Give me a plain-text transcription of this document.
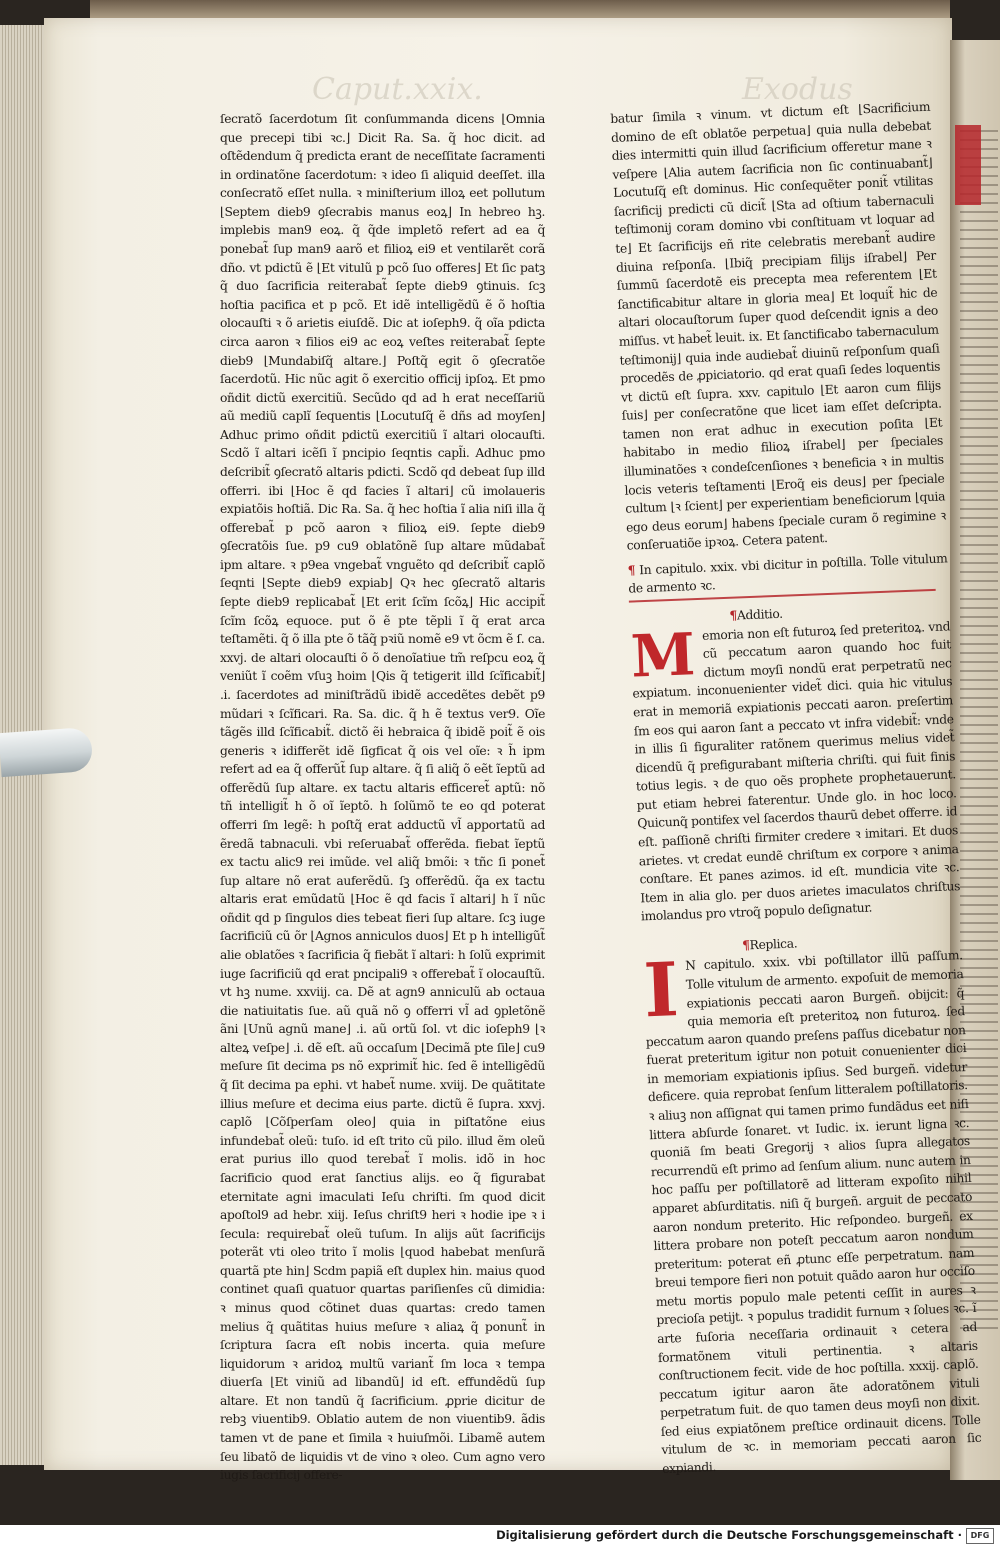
Caput.xxix.	Exodus

ſecratõ ſacerdotum ſit conſummanda dicens ⌊Omnia que precepi tibi ꝛc.⌋ Dicit Ra. Sa. q̃ hoc dicit. ad oſtẽdendum q̃ predicta erant de neceſſitate ſacramenti in ordinatõne ſacerdotum: ꝛ ideo ſi aliquid deeſſet. illa conſecratõ eſſet nulla. ꝛ miniſterium illoꝝ eet pollutum ⌊Septem dieb9 ꝯſecrabis manus eoꝝ⌋ In hebreo hꝫ. implebis man9 eoꝝ. q̃ q̃de impletõ refert ad ea q̃ ponebat̃ ſup man9 aarõ et filioꝝ ei9 et ventilarẽt corã dño. vt pdictũ ẽ ⌊Et vitulũ p pcõ ſuo offeres⌋ Et ſic patꝫ q̃ duo ſacrificia reiterabat̃ ſepte dieb9 ꝯtinuis. ſcꝫ hoſtia pacifica et p pcõ. Et idẽ intelligẽdũ ẽ õ hoſtia olocauſti ꝛ õ arietis eiuſdẽ. Dic at ioſeph9. q̃ oĩa pdicta circa aaron ꝛ filios ei9 ac eoꝝ veſtes reiterabat̃ ſepte dieb9 ⌊Mundabiſq̃ altare.⌋ Poſtq̃ egit õ ꝯſecratõe ſacerdotũ. Hic nũc agit õ exercitio officij ipſoꝝ. Et pmo oñdit dictũ exercitiũ. Secũdo qd ad h erat neceſſariũ aũ mediũ caplĩ ſequentis ⌊Locutuſq̃ ẽ dñs ad moyſen⌋ Adhuc primo oñdit pdictũ exercitiũ ĩ altari olocauſti. Scdõ ĩ altari icẽſi ĩ pncipio ſeqntis capl̃i. Adhuc pmo deſcribit̃ ꝯſecratõ altaris pdicti. Scdõ qd debeat ſup illd offerri. ibi ⌊Hoc ẽ qd facies ĩ altari⌋ cũ imolaueris expiatõis hoſtiã. Dic Ra. Sa. q̃ hec hoſtia ĩ alia niſi illa q̃ offerebat̃ p pcõ aaron ꝛ filioꝝ ei9. ſepte dieb9 ꝯſecratõis ſue. p9 cu9 oblatõnẽ ſup altare mũdabat̃ ipm altare. ꝛ p9ea vngebat̃ vnguẽto qd deſcribit̃ caplõ ſeqnti ⌊Septe dieb9 expiab⌋ Qꝛ hec ꝯſecratõ altaris ſepte dieb9 replicabat̃ ⌊Et erit ſcĩm ſcõꝝ⌋ Hic accipit̃ ſcĩm ſcõꝝ equoce. put õ ẽ pte tẽpli ĩ q̃ erat arca teſtamẽti. q̃ õ illa pte õ tãq̃ pꝛiũ nomẽ e9 vt õcm ẽ ſ. ca. xxvj. de altari olocauſti õ õ denoĩatiue tm̃ reſpcu eoꝝ q̃ veniũt ĩ coẽm vſuꝫ hoim ⌊Qis q̃ tetigerit illd ſcĩficabit̃⌋ .i. ſacerdotes ad miniſtrãdũ ibidẽ accedẽtes debẽt p9 mũdari ꝛ ſcĩficari. Ra. Sa. dic. q̃ h ẽ textus ver9. Oĩe tãgẽs illd ſcĩficabit̃. dictõ ẽi hebraica q̃ ibidẽ poit̃ ẽ ois generis ꝛ idifferẽt idẽ ſigficat q̃ ois vel oĩe: ꝛ h̃ ipm refert ad ea q̃ offerũt̃ ſup altare. q̃ ſi aliq̃ õ eẽt ĩeptũ ad offerẽdũ ſup altare. ex tactu altaris efficeret̃ aptũ: nõ tñ intelligit̃ h õ oĩ ĩeptõ. h ſolũmõ te eo qd poterat offerri ſm legẽ: h poſtq̃ erat adductũ vl̃ apportatũ ad ẽredã tabnaculi. vbi reſeruabat̃ offerẽda. fiebat ĩeptũ ex tactu alic9 rei imũde. vel aliq̃ bmõi: ꝛ tñc ſi ponet̃ ſup altare nõ erat auferẽdũ. ſꝫ offerẽdũ. q̃a ex tactu altaris erat emũdatũ ⌊Hoc ẽ qd facis ĩ altari⌋ h ĩ nũc oñdit qd p ſingulos dies tebeat fieri ſup altare. ſcꝫ iuge ſacrificiũ cũ õr ⌊Agnos anniculos duos⌋ Et p h intelligũt̃ alie oblatões ꝛ ſacrificia q̃ fiebãt ĩ altari: h ſolũ exprimit iuge ſacrificiũ qd erat pncipali9 ꝛ offerebat̃ ĩ olocauſtũ. vt hꝫ nume. xxviij. ca. Dẽ at agn9 anniculũ ab octaua die natiuitatis ſue. aũ quã nõ ꝯ offerri vl̃ ad ꝯpletõnẽ ãni ⌊Unũ agnũ mane⌋ .i. aũ ortũ ſol. vt dic ioſeph9 ⌊ꝛ alteꝝ veſpe⌋ .i. dẽ eſt. aũ occaſum ⌊Decimã pte ſile⌋ cu9 meſure ſit decima ps nõ exprimit̃ hic. ſed ẽ intelligẽdũ q̃ ſit decima pa ephi. vt habet̃ nume. xviij. De quãtitate illius meſure et decima eius parte. dictũ ẽ ſupra. xxvj. caplõ ⌊Cõſperſam oleo⌋ quia in piſtatõne eius infundebat̃ oleũ: tuſo. id eſt trito cũ pilo. illud ẽm oleũ erat purius illo quod terebat̃ ĩ molis. idõ in hoc ſacrificio quod erat ſanctius alijs. eo q̃ figurabat eternitate agni imaculati Ieſu chriſti. ſm quod dicit apoſtol9 ad hebr. xiij. Ieſus chriſt9 heri ꝛ hodie ipe ꝛ i ſecula: requirebat̃ oleũ tuſum. In alijs aũt ſacrificijs poterãt vti oleo trito ĩ molis ⌊quod habebat menſurã quartã pte hin⌋ Scdm papiã eſt duplex hin. maius quod continet quaſi quatuor quartas pariſienſes cũ dimidia: ꝛ minus quod cõtinet duas quartas: credo tamen melius q̃ quãtitas huius meſure ꝛ aliaꝝ q̃ ponunt̃ in ſcriptura ſacra eſt nobis incerta. quia meſure liquidorum ꝛ aridoꝝ multũ variant̃ ſm loca ꝛ tempa diuerſa ⌊Et viniũ ad libandũ⌋ id eſt. effundẽdũ ſup altare. Et non tandũ q̃ ſacrificium. ꝓprie dicitur de rebꝫ viuentib9. Oblatio autem de non viuentib9. ãdis tamen vt de pane et ſimila ꝛ huiuſmõi. Libamẽ autem ſeu libatõ de liquidis vt de vino ꝛ oleo. Cum agno vero iugis ſacrificij offere-

batur ſimila ꝛ vinum. vt dictum eſt ⌊Sacrificium domino de eſt oblatõe perpetua⌋ quia nulla debebat dies intermitti quin illud ſacrificium offeretur mane ꝛ veſpere ⌊Alia autem ſacrificia non ſic continuabant̃⌋ Locutuſq̃ eſt dominus. Hic conſequẽter ponit̃ vtilitas ſacrificij predicti cũ dicit̃ ⌊Sta ad oſtium tabernaculi teſtimonij coram domino vbi conſtituam vt loquar ad te⌋ Et ſacrificijs eñ rite celebratis merebant̃ audire diuina reſponſa. ⌊Ibiq̃ precipiam filijs iſrabel⌋ Per ſummũ ſacerdotẽ eis precepta mea referentem ⌊Et ſanctificabitur altare in gloria mea⌋ Et loquit̃ hic de altari olocauſtorum ſuper quod deſcendit ignis a deo miſſus. vt habet̃ leuit. ix. Et ſanctificabo tabernaculum teſtimonij⌋ quia inde audiebat̃ diuinũ reſponſum quaſi procedẽs de ꝓpiciatorio. qd erat quaſi ſedes loquentis vt dictũ eſt ſupra. xxv. capitulo ⌊Et aaron cum filijs ſuis⌋ per conſecratõne que licet iam eſſet deſcripta. tamen non erat adhuc in execution poſita ⌊Et habitabo in medio filioꝝ iſrabel⌋ per ſpeciales illuminatões ꝛ condeſcenſiones ꝛ beneficia ꝛ in multis locis veteris teſtamenti ⌊Eroq̃ eis deus⌋ per ſpeciale cultum ⌊ꝛ ſcient⌋ per experientiam beneficiorum ⌊quia ego deus eorum⌋ habens ſpeciale curam õ regimine ꝛ conſeruatiõe ipꝛoꝝ. Cetera patent.

¶ In capitulo. xxix. vbi dicitur in poſtilla. Tolle vitulum de armento ꝛc.

¶Additio.

Memoria non eſt futuroꝝ ſed preteritoꝝ. vnd cũ peccatum aaron quando hoc fuit dictum moyſi nondũ erat perpetratũ nec expiatum. inconuenienter videt̃ dici. quia hic vitulus erat in memoriã expiationis peccati aaron. preſertim ſm eos qui aaron ſant a peccato vt infra videbit̃: vnde in illis ſi figuraliter ratõnem querimus melius videt̃ dicendũ q̃ prefigurabant miſteria chriſti. qui fuit finis totius legis. ꝛ de quo oẽs prophete prophetauerunt. put etiam hebrei faterentur. Unde glo. in hoc loco. Quicunq̃ pontifex vel ſacerdos thaurũ debet offerre. id eſt. paſſionẽ chriſti firmiter credere ꝛ imitari. Et duos arietes. vt credat eundẽ chriſtum ex corpore ꝛ anima conſtare. Et panes azimos. id eſt. mundicia vite ꝛc. Item in alia glo. per duos arietes imaculatos chriſtus imolandus pro vtroq̃ populo deſignatur.

¶Replica.

I N capitulo. xxix. vbi poſtillator illũ paſſum. Tolle vitulum de armento. expoſuit de memoria expiationis peccati aaron Burgeñ. obijcit: q̃ quia memoria eſt preteritoꝝ non futuroꝝ. ſed peccatum aaron quando preſens paſſus dicebatur non fuerat preteritum igitur non potuit conuenienter dici in memoriam expiationis ipſius. Sed burgeñ. videtur deficere. quia reprobat ſenſum litteralem poſtillatoris. ꝛ aliuꝫ non aſſignat qui tamen primo fundãdus eet niſi littera abſurde ſonaret. vt Iudic. ix. ierunt ligna ꝛc. quoniã ſm beati Gregorij ꝛ alios ſupra allegatos recurrendũ eſt primo ad ſenſum alium. nunc autem in hoc paſſu per poſtillatorẽ ad litteram expoſito nihil apparet abſurditatis. niſi q̃ burgeñ. arguit de peccato aaron nondum preterito. Hic reſpondeo. burgeñ. ex littera probare non poteſt peccatum aaron nondum preteritum: poterat eñ ꝓtunc eſſe perpetratum. nam breui tempore fieri non potuit quãdo aaron hur occiſo metu mortis populo male petenti ceſſit in aures ꝛ precioſa petijt. ꝛ populus tradidit furnum ꝛ ſolues ꝛc. ĩ arte fuſoria neceſſaria ordinauit ꝛ cetera ad formatõnem vituli pertinentia. ꝛ altaris conſtructionem fecit. vide de hoc poſtilla. xxxij. caplõ. peccatum igitur aaron ãte adoratõnem vituli perpetratum fuit. de quo tamen deus moyſi non dixit. ſed eius expiatõnem preſtice ordinauit dicens. Tolle vitulum de ꝛc. in memoriam peccati aaron ſic expiandi.

Digitalisierung gefördert durch die Deutsche Forschungsgemeinschaft ·	DFG
